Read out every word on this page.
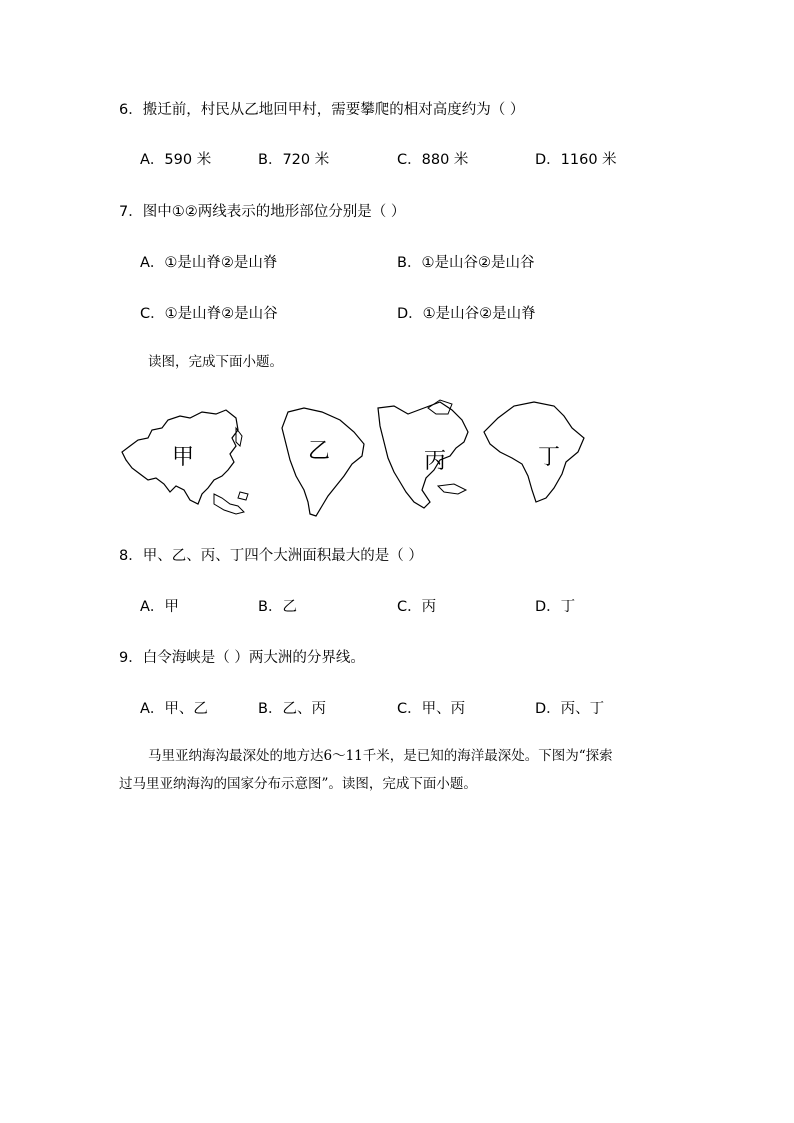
6．搬迁前，村民从乙地回甲村，需要攀爬的相对高度约为（ ）
A．590 米	B．720 米	C．880 米	D．1160 米
7．图中①②两线表示的地形部位分别是（ ）
A．①是山脊②是山脊	B．①是山谷②是山谷
C．①是山脊②是山谷	D．①是山谷②是山脊
读图，完成下面小题。
甲	乙	丙	丁
8．甲、乙、丙、丁四个大洲面积最大的是（ ）
A．甲	B．乙	C．丙	D．丁
9．白令海峡是（ ）两大洲的分界线。
A．甲、乙	B．乙、丙	C．甲、丙	D．丙、丁
马里亚纳海沟最深处的地方达6～11千米，是已知的海洋最深处。下图为“探索
过马里亚纳海沟的国家分布示意图”。读图，完成下面小题。
